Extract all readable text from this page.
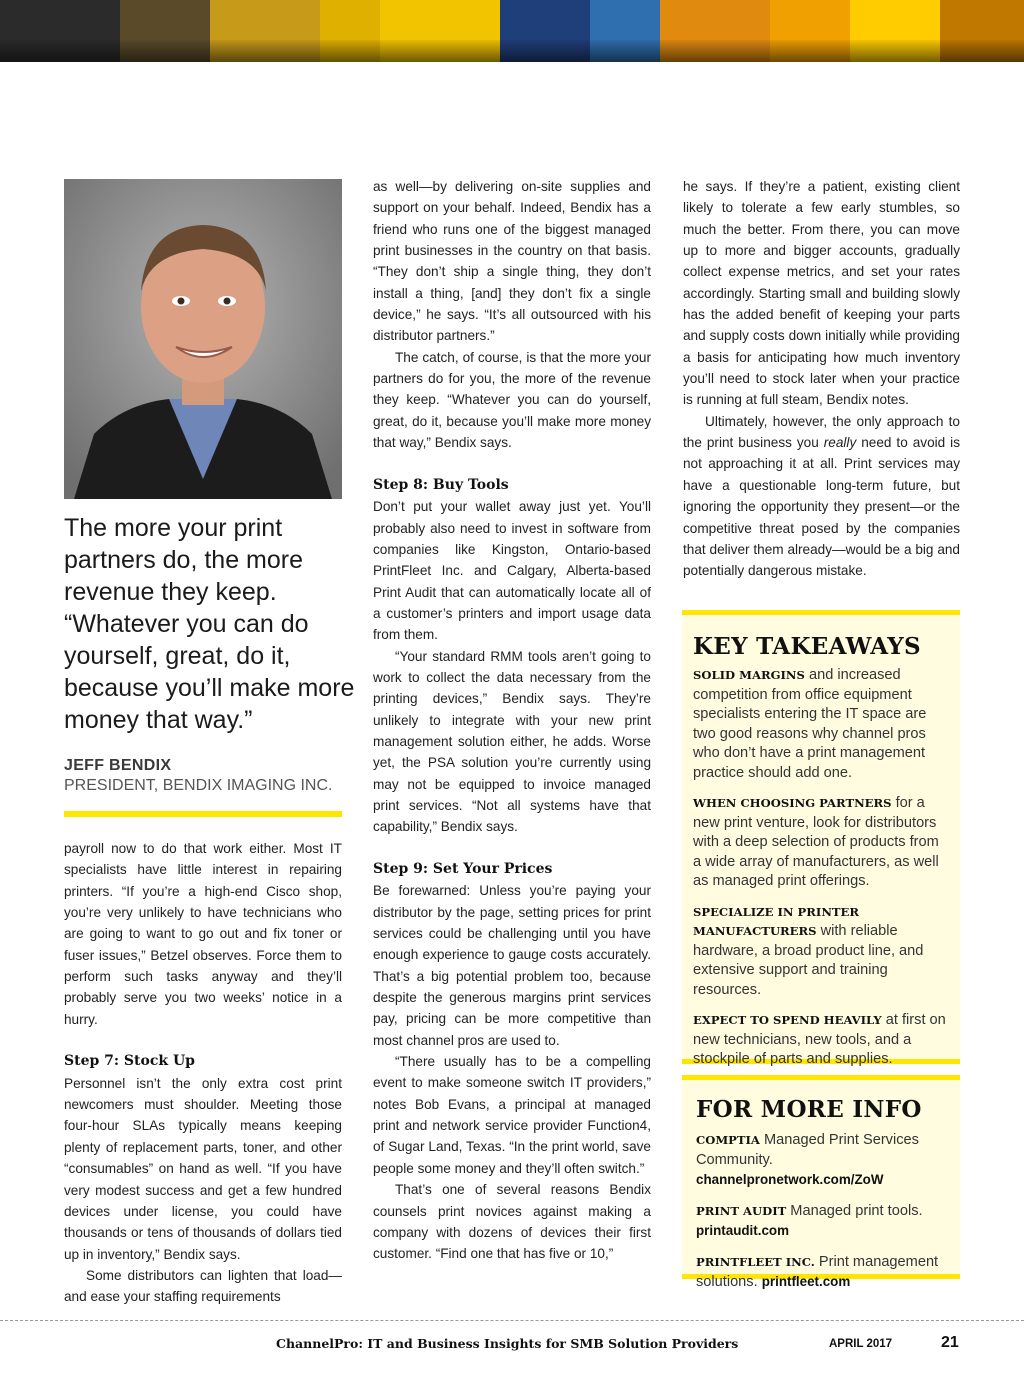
The more your print partners do, the more revenue they keep. “Whatever you can do yourself, great, do it, because you’ll make more money that way.”
JEFF BENDIX
PRESIDENT, BENDIX IMAGING INC.

payroll now to do that work either. Most IT specialists have little interest in repairing printers. “If you’re a high-end Cisco shop, you’re very unlikely to have technicians who are going to want to go out and fix toner or fuser issues,” Betzel observes. Force them to perform such tasks anyway and they’ll probably serve you two weeks’ notice in a hurry.

Step 7: Stock Up

Personnel isn’t the only extra cost print newcomers must shoulder. Meeting those four-hour SLAs typically means keeping plenty of replacement parts, toner, and other “consumables” on hand as well. “If you have very modest success and get a few hundred devices under license, you could have thousands or tens of thousands of dollars tied up in inventory,” Bendix says.

Some distributors can lighten that load—and ease your staffing requirements

as well—by delivering on-site supplies and support on your behalf. Indeed, Bendix has a friend who runs one of the biggest managed print businesses in the country on that basis. “They don’t ship a single thing, they don’t install a thing, [and] they don’t fix a single device,” he says. “It’s all outsourced with his distributor partners.”

The catch, of course, is that the more your partners do for you, the more of the revenue they keep. “Whatever you can do yourself, great, do it, because you’ll make more money that way,” Bendix says.

Step 8: Buy Tools

Don’t put your wallet away just yet. You’ll probably also need to invest in software from companies like Kingston, Ontario-based PrintFleet Inc. and Calgary, Alberta-based Print Audit that can automatically locate all of a customer’s printers and import usage data from them.

“Your standard RMM tools aren’t going to work to collect the data necessary from the printing devices,” Bendix says. They’re unlikely to integrate with your new print management solution either, he adds. Worse yet, the PSA solution you’re currently using may not be equipped to invoice managed print services. “Not all systems have that capability,” Bendix says.

Step 9: Set Your Prices

Be forewarned: Unless you’re paying your distributor by the page, setting prices for print services could be challenging until you have enough experience to gauge costs accurately. That’s a big potential problem too, because despite the generous margins print services pay, pricing can be more competitive than most channel pros are used to.

“There usually has to be a compelling event to make someone switch IT providers,” notes Bob Evans, a principal at managed print and network service provider Function4, of Sugar Land, Texas. “In the print world, save people some money and they’ll often switch.”

That’s one of several reasons Bendix counsels print novices against making a company with dozens of devices their first customer. “Find one that has five or 10,”

he says. If they’re a patient, existing client likely to tolerate a few early stumbles, so much the better. From there, you can move up to more and bigger accounts, gradually collect expense metrics, and set your rates accordingly. Starting small and building slowly has the added benefit of keeping your parts and supply costs down initially while providing a basis for anticipating how much inventory you’ll need to stock later when your practice is running at full steam, Bendix notes.

Ultimately, however, the only approach to the print business you really need to avoid is not approaching it at all. Print services may have a questionable long-term future, but ignoring the opportunity they present—or the competitive threat posed by the companies that deliver them already—would be a big and potentially dangerous mistake.

KEY TAKEAWAYS
SOLID MARGINS and increased competition from office equipment specialists entering the IT space are two good reasons why channel pros who don’t have a print management practice should add one.
WHEN CHOOSING PARTNERS for a new print venture, look for distributors with a deep selection of products from a wide array of manufacturers, as well as managed print offerings.
SPECIALIZE IN PRINTER MANUFACTURERS with reliable hardware, a broad product line, and extensive support and training resources.
EXPECT TO SPEND HEAVILY at first on new technicians, new tools, and a stockpile of parts and supplies.
FOR MORE INFO
COMPTIA Managed Print Services Community. channelpronetwork.com/ZoW
PRINT AUDIT Managed print tools. printaudit.com
PRINTFLEET INC. Print management solutions. printfleet.com
ChannelPro: IT and Business Insights for SMB Solution Providers	APRIL 2017	21
